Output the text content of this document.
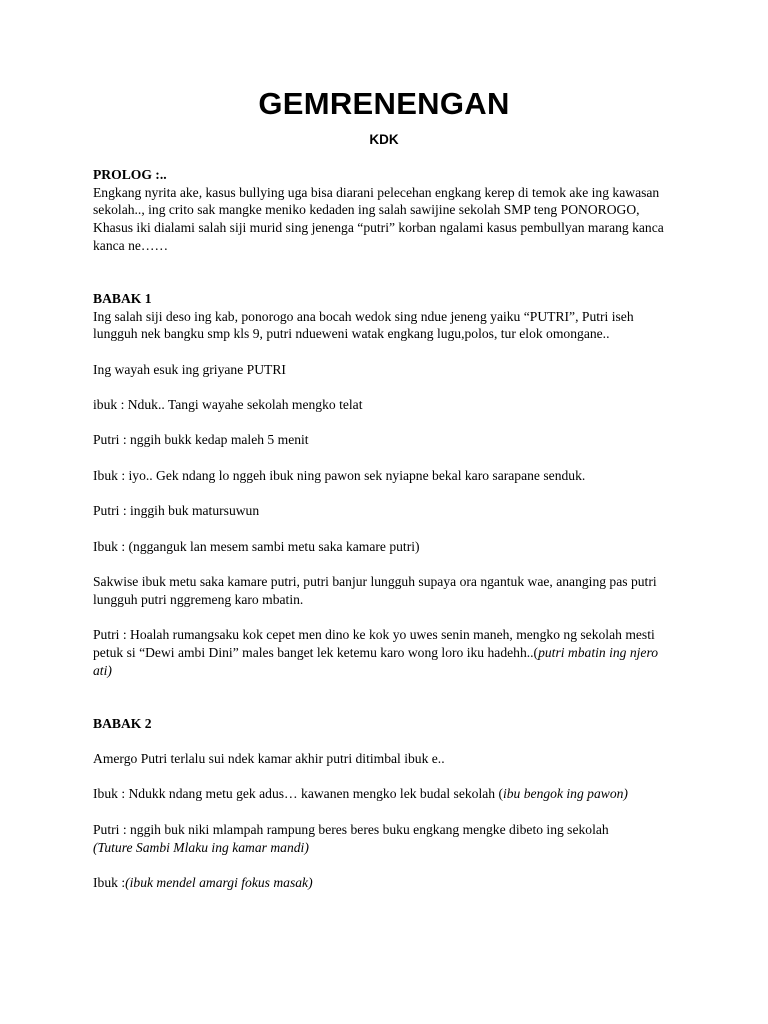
GEMRENENGAN
KDK

PROLOG :..

Engkang nyrita ake, kasus bullying uga bisa diarani pelecehan engkang kerep di temok ake ing kawasan sekolah.., ing crito sak mangke meniko kedaden ing salah sawijine sekolah SMP teng PONOROGO, Khasus iki dialami salah siji murid sing jenenga “putri” korban ngalami kasus pembullyan marang kanca kanca ne……

BABAK 1

Ing salah siji deso ing kab, ponorogo ana bocah wedok sing ndue jeneng yaiku “PUTRI”, Putri iseh lungguh nek bangku smp kls 9, putri ndueweni watak engkang lugu,polos, tur elok omongane..

Ing wayah esuk ing griyane PUTRI

ibuk : Nduk.. Tangi wayahe sekolah mengko telat

Putri : nggih bukk kedap maleh 5 menit

Ibuk : iyo.. Gek ndang lo nggeh ibuk ning pawon sek nyiapne bekal karo sarapane senduk.

Putri : inggih buk matursuwun

Ibuk : (ngganguk lan mesem sambi metu saka kamare putri)

Sakwise ibuk metu saka kamare putri, putri banjur lungguh supaya ora ngantuk wae, ananging pas putri lungguh putri nggremeng karo mbatin.

Putri : Hoalah rumangsaku kok cepet men dino ke kok yo uwes senin maneh, mengko ng sekolah mesti petuk si “Dewi ambi Dini” males banget lek ketemu karo wong loro iku hadehh..(putri mbatin ing njero ati)

BABAK 2

Amergo Putri terlalu sui ndek kamar akhir putri ditimbal ibuk e..

Ibuk : Ndukk ndang metu gek adus… kawanen mengko lek budal sekolah (ibu bengok ing pawon)

Putri : nggih buk niki mlampah rampung beres beres buku engkang mengke dibeto ing sekolah

(Tuture Sambi Mlaku ing kamar mandi)

Ibuk :(ibuk mendel amargi fokus masak)
